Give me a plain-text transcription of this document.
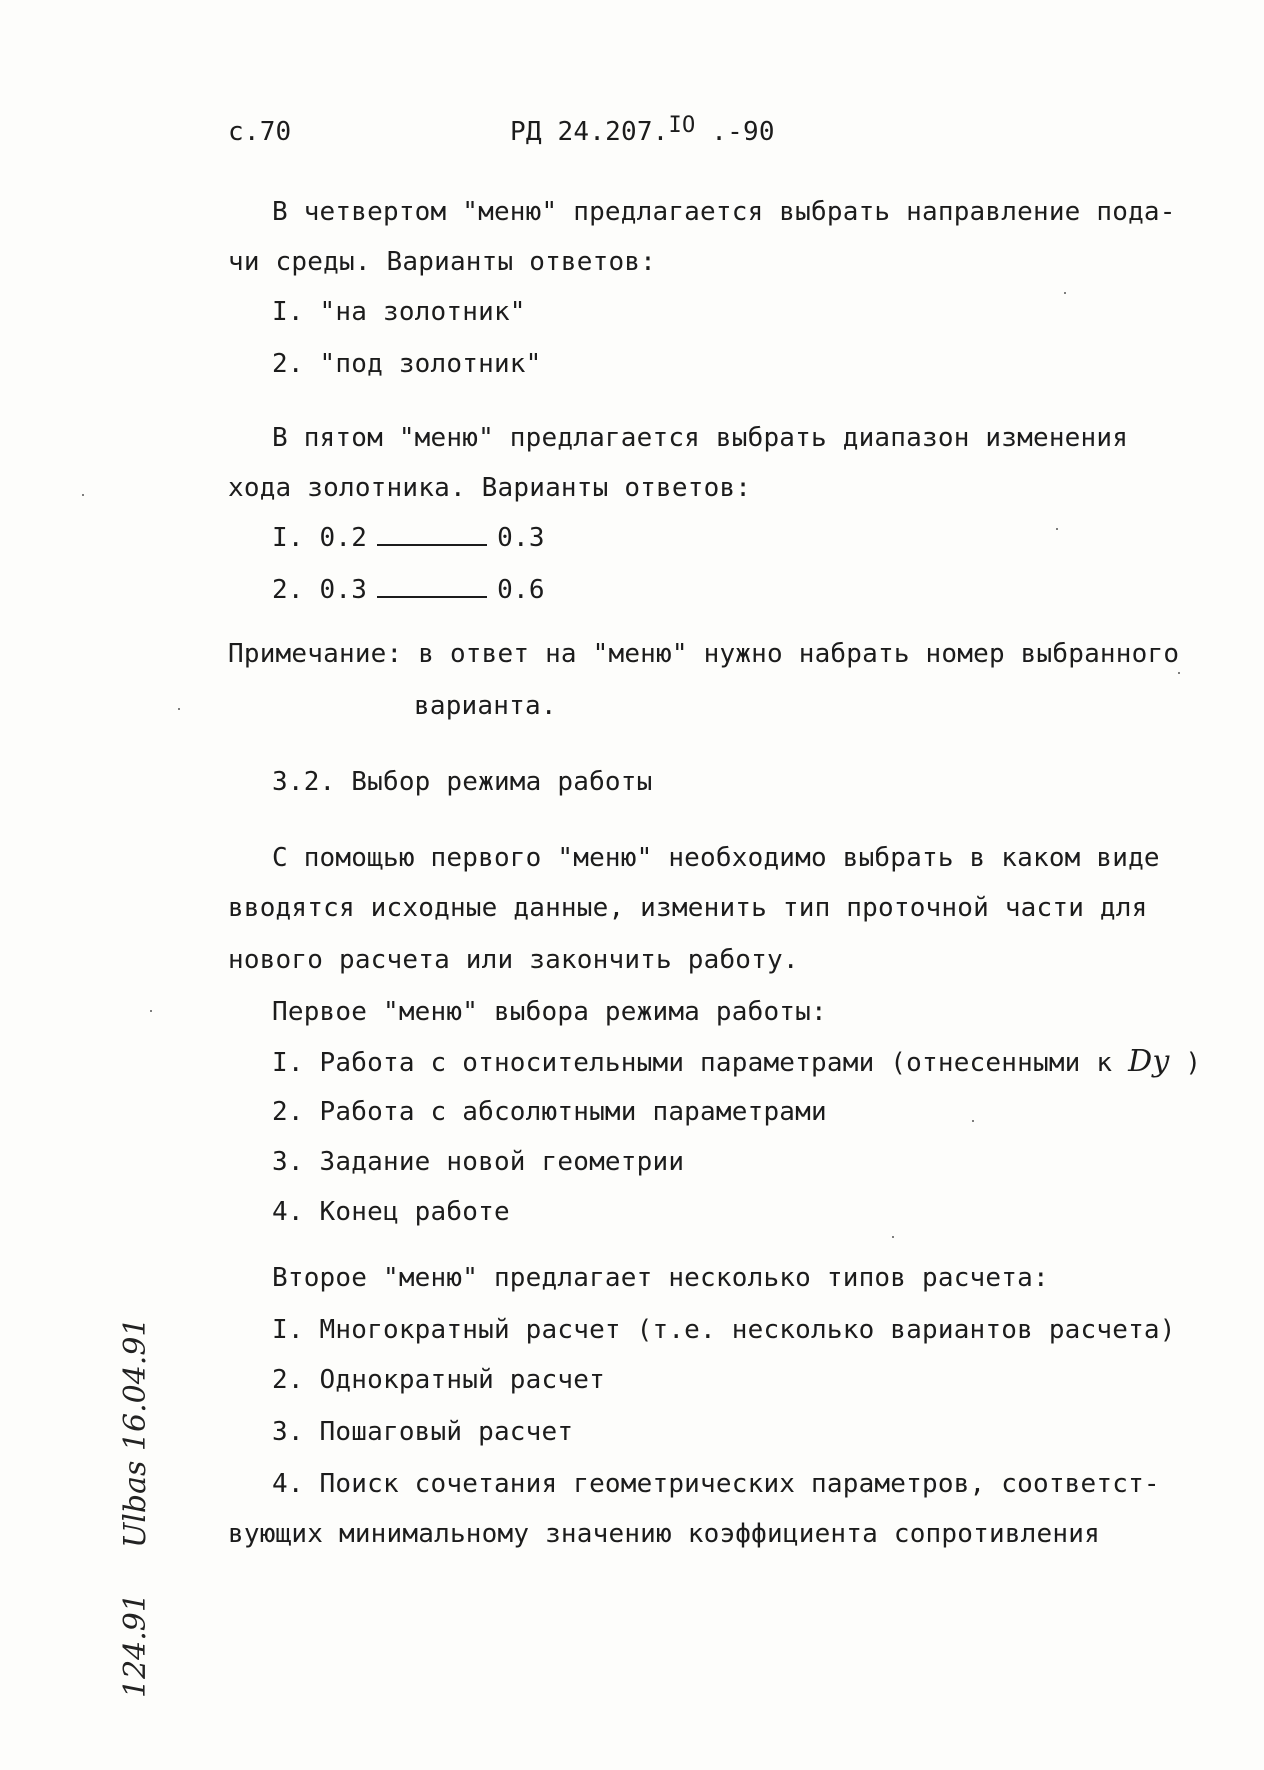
с.70	РД 24.207.$^{IO}$ .-90
В четвертом "меню" предлагается выбрать направление пода-
чи среды. Варианты ответов:
I. "на золотник"
2. "под золотник"
В пятом "меню" предлагается выбрать диапазон изменения
хода золотника. Варианты ответов:
I. 0.2	0.3
2. 0.3	0.6
Примечание: в ответ на "меню" нужно набрать номер выбранного
варианта.
3.2. Выбор режима работы
С помощью первого "меню" необходимо выбрать в каком виде
вводятся исходные данные, изменить тип проточной части для
нового расчета или закончить работу.
Первое "меню" выбора режима работы:
I. Работа с относительными параметрами (отнесенными к Dy )
2. Работа с абсолютными параметрами
3. Задание новой геометрии
4. Конец работе
Второе "меню" предлагает несколько типов расчета:
I. Многократный расчет (т.е. несколько вариантов расчета)
2. Однократный расчет
3. Пошаговый расчет
4. Поиск сочетания геометрических параметров, соответст-
вующих минимальному значению коэффициента сопротивления
Ulbas 16.04.91
124.91
